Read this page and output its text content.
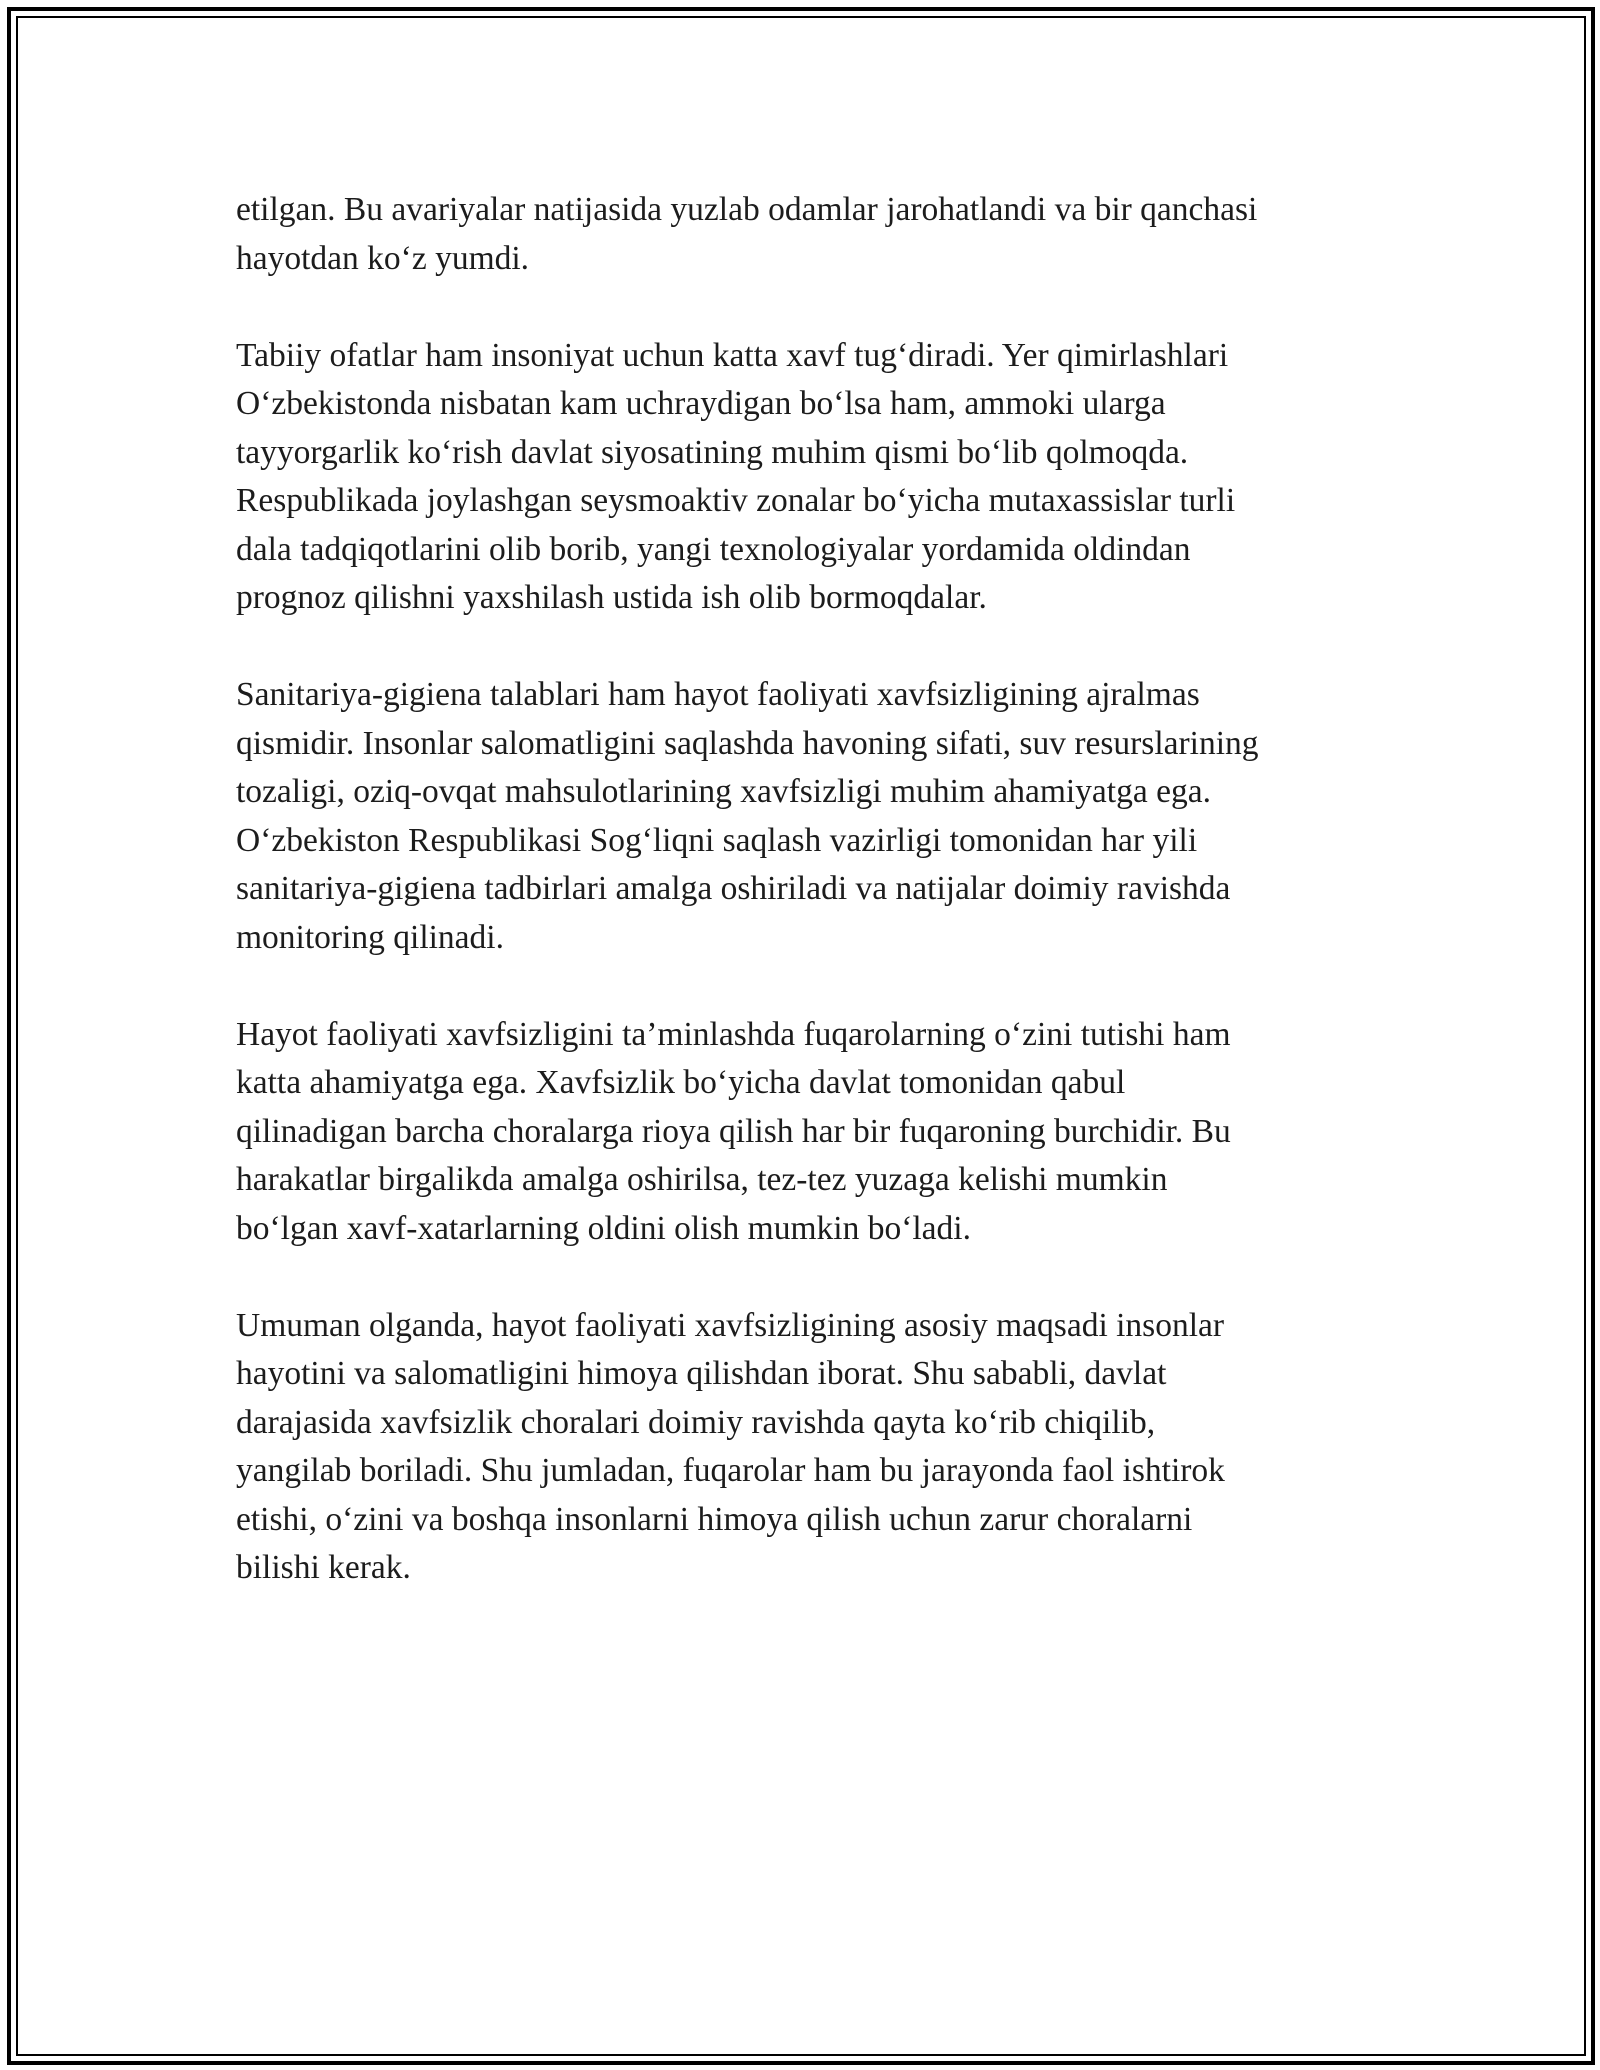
etilgan. Bu avariyalar natijasida yuzlab odamlar jarohatlandi va bir qanchasi
hayotdan ko‘z yumdi.

Tabiiy ofatlar ham insoniyat uchun katta xavf tug‘diradi. Yer qimirlashlari
O‘zbekistonda nisbatan kam uchraydigan bo‘lsa ham, ammoki ularga
tayyorgarlik ko‘rish davlat siyosatining muhim qismi bo‘lib qolmoqda.
Respublikada joylashgan seysmoaktiv zonalar bo‘yicha mutaxassislar turli
dala tadqiqotlarini olib borib, yangi texnologiyalar yordamida oldindan
prognoz qilishni yaxshilash ustida ish olib bormoqdalar.

Sanitariya-gigiena talablari ham hayot faoliyati xavfsizligining ajralmas
qismidir. Insonlar salomatligini saqlashda havoning sifati, suv resurslarining
tozaligi, oziq-ovqat mahsulotlarining xavfsizligi muhim ahamiyatga ega.
O‘zbekiston Respublikasi Sog‘liqni saqlash vazirligi tomonidan har yili
sanitariya-gigiena tadbirlari amalga oshiriladi va natijalar doimiy ravishda
monitoring qilinadi.

Hayot faoliyati xavfsizligini ta’minlashda fuqarolarning o‘zini tutishi ham
katta ahamiyatga ega. Xavfsizlik bo‘yicha davlat tomonidan qabul
qilinadigan barcha choralarga rioya qilish har bir fuqaroning burchidir. Bu
harakatlar birgalikda amalga oshirilsa, tez-tez yuzaga kelishi mumkin
bo‘lgan xavf-xatarlarning oldini olish mumkin bo‘ladi.

Umuman olganda, hayot faoliyati xavfsizligining asosiy maqsadi insonlar
hayotini va salomatligini himoya qilishdan iborat. Shu sababli, davlat
darajasida xavfsizlik choralari doimiy ravishda qayta ko‘rib chiqilib,
yangilab boriladi. Shu jumladan, fuqarolar ham bu jarayonda faol ishtirok
etishi, o‘zini va boshqa insonlarni himoya qilish uchun zarur choralarni
bilishi kerak.
